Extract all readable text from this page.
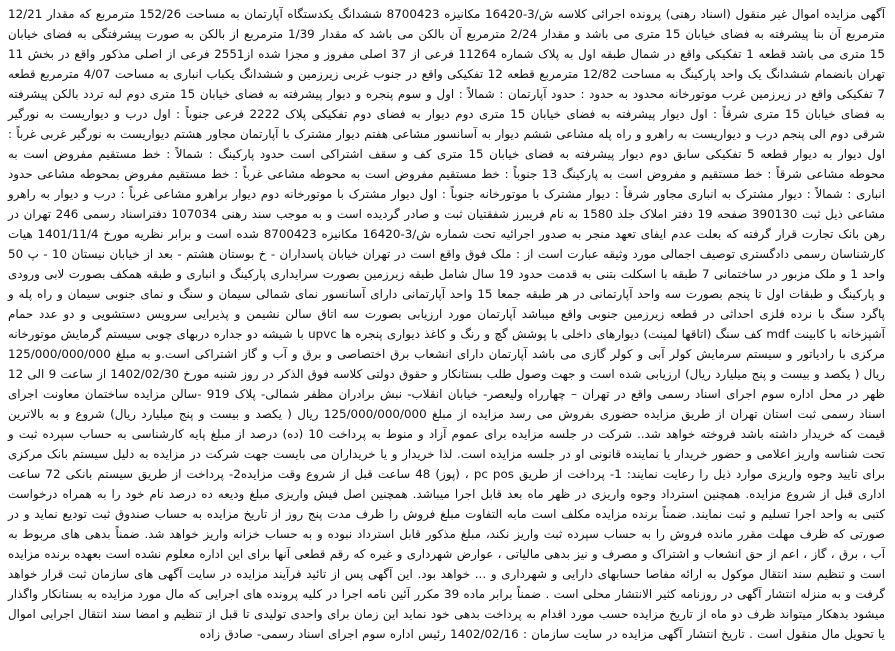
آگهی مزایده اموال غیر منقول (اسناد رهنی) پرونده اجرائی کلاسه ش/3-16420 مکانیزه 8700423 ششدانگ یکدستگاه آپارتمان به مساحت 152/26 مترمربع که مقدار 12/21 مترمربع آن بنا پیشرفته به فضای خیابان 15 متری می باشد و مقدار 2/24 مترمربع آن بالکن می باشد که مقدار 1/39 مترمربع از بالکن به صورت پیشرفتگی به فضای خیابان 15 متری می باشد قطعه 1 تفکیکی واقع در شمال طبقه اول به پلاک شماره 11264 فرعی از 37 اصلی مفروز و مجزا شده از2551 فرعی از اصلی مذکور واقع در بخش 11 تهران بانضمام ششدانگ یک واحد پارکینگ به مساحت 12/82 مترمربع قطعه 12 تفکیکی واقع در جنوب غربی زیرزمین و ششدانگ یکباب انباری به مساحت 4/07 مترمربع قطعه 7 تفکیکی واقع در زیرزمین غرب موتورخانه محدود به حدود : حدود آپارتمان : شمالاً : اول و سوم پنجره و دیوار پیشرفته به فضای خیابان 15 متری دوم لبه تردد بالکن پیشرفته به فضای خیابان 15 متری شرقاً : اول دیوار پیشرفته به فضای خیابان 15 متری دوم دیوار به فضای دوم تفکیکی پلاک 2222 فرعی جنوباً : اول درب و دیواریست به نورگیر شرقی دوم الی پنجم درب و دیواریست به راهرو و راه پله مشاعی ششم دیوار به آسانسور مشاعی هفتم دیوار مشترک با آپارتمان مجاور هشتم دیواریست به نورگیر غربی غرباً : اول دیوار به دیوار قطعه 5 تفکیکی سابق دوم دیوار پیشرفته به فضای خیابان 15 متری کف و سقف اشتراکی است حدود پارکینگ : شمالاً : خط مستقیم مفروض است به محوطه مشاعی شرقاً : خط مستقیم و مفروض است به پارکینگ 13 جنوباً : خط مستقیم مفروض است به محوطه مشاعی غرباً : خط مستقیم مفروض بمحوطه مشاعی حدود انباری : شمالاً : دیوار مشترک به انباری مجاور شرقاً : دیوار مشترک با موتورخانه جنوباً : اول دیوار مشترک با موتورخانه دوم دیوار براهرو مشاعی غرباً : درب و دیوار به راهرو مشاعی ذیل ثبت 390130 صفحه 19 دفتر املاک جلد 1580 به نام فریبرز شفقتیان ثبت و صادر گردیده است و به موجب سند رهنی 107034 دفتراسناد رسمی 246 تهران در رهن بانک تجارت قرار گرفته که بعلت عدم ایفای تعهد منجر به صدور اجرائیه تحت شماره ش/3-16420 مکانیزه 8700423 شده است و برابر نظریه مورخ 1401/11/4 هیات کارشناسان رسمی دادگستری توصیف اجمالی مورد وثیقه عبارت است از : ملک فوق واقع است در تهران خیابان پاسداران - خ بوستان هشتم - بعد از خیابان نیستان 10 - پ 50 واحد 1 و ملک مزبور در ساختمانی 7 طبقه با اسکلت بتنی به قدمت حدود 19 سال شامل طبقه زیرزمین بصورت سرایداری پارکینگ و انباری و طبقه همکف بصورت لابی ورودی و پارکینگ و طبقات اول تا پنجم بصورت سه واحد آپارتمانی در هر طبقه جمعا 15 واحد آپارتمانی دارای آسانسور نمای شمالی سیمان و سنگ و نمای جنوبی سیمان و راه پله و پاگرد سنگ با نرده فلزی احداثی در قطعه زیرزمین جنوبی واقع میباشد آپارتمان مورد ارزیابی بصورت سه اتاق سالن نشیمن و پذیرایی سرویس دستشویی و دو عدد حمام آشپزخانه با کابینت mdf کف سنگ (اتاقها لمینت) دیوارهای داخلی با پوشش گچ و رنگ و کاغذ دیواری پنجره ها upvc با شیشه دو جداره دربهای چوبی سیستم گرمایش موتورخانه مرکزی با رادیاتور و سیستم سرمایش کولر آبی و کولر گازی می باشد آپارتمان دارای انشعاب برق اختصاصی و برق و آب و گاز اشتراکی است.و به مبلغ 125/000/000/000 ریال ( یکصد و بیست و پنج میلیارد ریال) ارزیابی شده است و جهت وصول طلب بستانکار و حقوق دولتی کلاسه فوق الذکر در روز شنبه مورخ 1402/02/30 از ساعت 9 الی 12 ظهر در محل اداره سوم اجرای اسناد رسمی واقع در تهران – چهارراه ولیعصر- خیابان انقلاب- نبش برادران مظفر شمالی- پلاک 919 -سالن مزایده ساختمان معاونت اجرای اسناد رسمی ثبت استان تهران از طریق مزایده حضوری بفروش می رسد مزایده از مبلغ 125/000/000/000 ریال ( یکصد و بیست و پنج میلیارد ریال) شروع و به بالاترین قیمت که خریدار داشته باشد فروخته خواهد شد.. شرکت در جلسه مزایده برای عموم آزاد و منوط به پرداخت 10 (ده) درصد از مبلغ پایه کارشناسی به حساب سپرده ثبت و تحت شناسه واریز اعلامی و حضور خریدار یا نماینده قانونی او در جلسه مزایده است. لذا خریدار و یا خریداران می بایست جهت شرکت در مزایده به دلیل سیستم بانک مرکزی برای تایید وجوه واریزی موارد ذیل را رعایت نمایند: 1- پرداخت از طریق pc pos ، (پوز) 48 ساعت قبل از شروع وقت مزایده2- پرداخت از طریق سیستم بانکی 72 ساعت اداری قبل از شروع مزایده. همچنین استرداد وجوه واریزی در ظهر ماه بعد قابل اجرا میباشد. همچنین اصل فیش واریزی مبلغ ودیعه ده درصد نام خود را به همراه درخواست کتبی به واحد اجرا تسلیم و ثبت نمایند. ضمناً برنده مزایده مکلف است مابه التفاوت مبلغ فروش را ظرف مدت پنج روز از تاریخ مزایده به حساب صندوق ثبت تودیع نماید و در صورتی که ظرف مهلت مقرر مانده فروش را به حساب سپرده ثبت واریز نکند، مبلغ مذکور قابل استرداد نبوده و به حساب خزانه واریز خواهد شد. ضمناً بدهی های مربوط به آب ، برق ، گاز ، اعم از حق انشعاب و اشتراک و مصرف و نیز بدهی مالیاتی ، عوارض شهرداری و غیره که رقم قطعی آنها برای این اداره معلوم نشده است بعهده برنده مزایده است و تنظیم سند انتقال موکول به ارائه مفاصا حسابهای دارایی و شهرداری و ... خواهد بود. این آگهی پس از تائید فرآیند مزایده در سایت آگهی های سازمان ثبت قرار خواهد گرفت و به منزله انتشار آگهی در روزنامه کثیر الانتشار محلی است . ضمناً برابر ماده 39 مکرر آئین نامه اجرا در کلیه پرونده های اجرایی که مال مورد مزایده به بستانکار واگذار میشود بدهکار میتواند ظرف دو ماه از تاریخ مزایده حسب مورد اقدام به پرداخت بدهی خود نماید این زمان برای واحدی تولیدی تا قبل از تنظیم و امضا سند انتقال اجرایی اموال یا تحویل مال منقول است . تاریخ انتشار آگهی مزایده در سایت سازمان : 1402/02/16 رئیس اداره سوم اجرای اسناد رسمی- صادق زاده
